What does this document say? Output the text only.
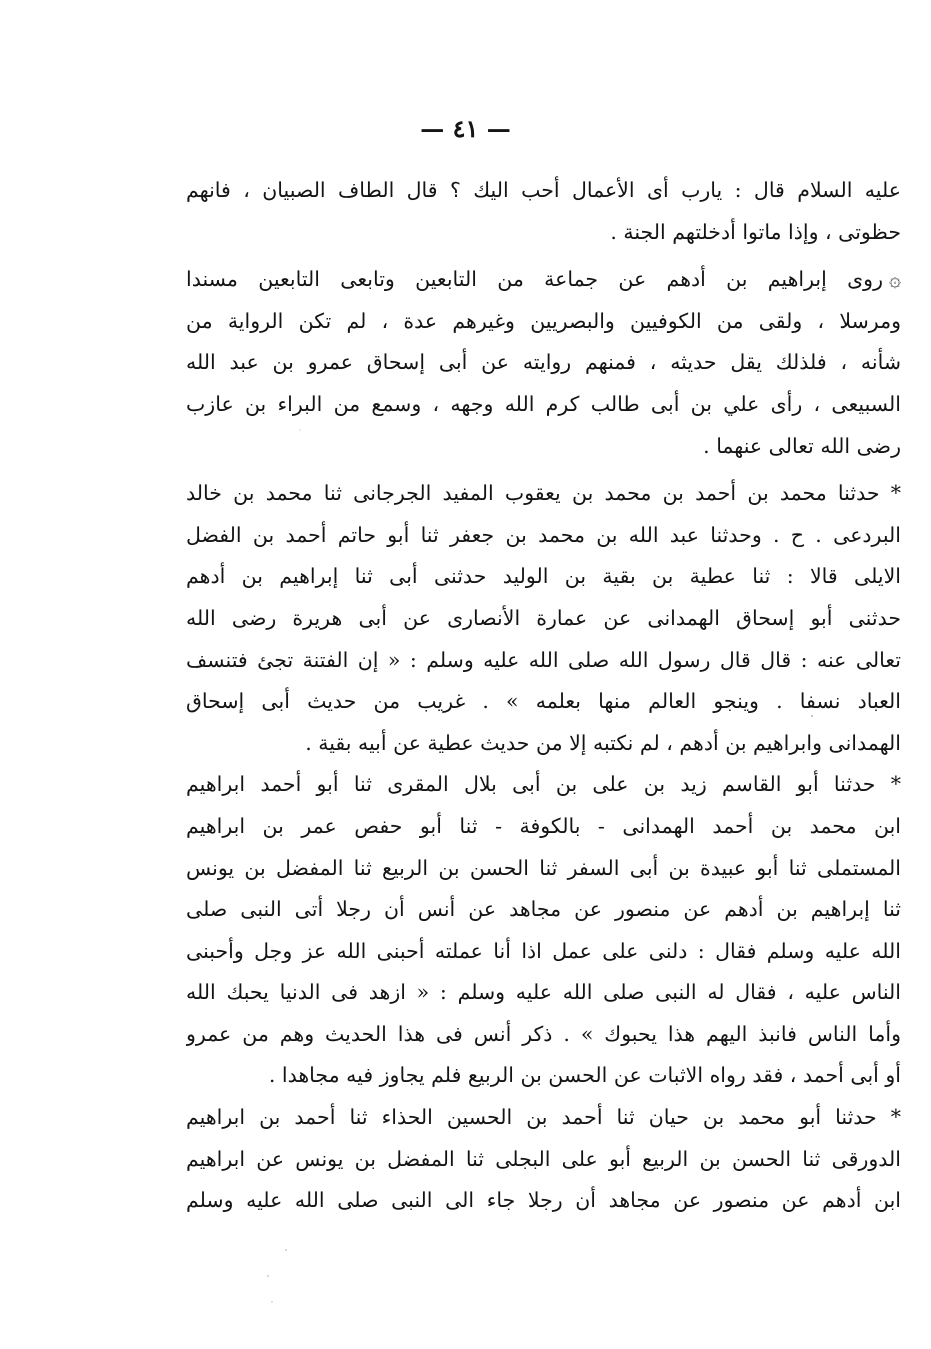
— ٤١ —
عليه السلام قال : يارب أى الأعمال أحب اليك ؟ قال الطاف الصبيان ، فانهم
حظوتى ، وإذا ماتوا أدخلتهم الجنة .
۞روى إبراهيم بن أدهم عن جماعة من التابعين وتابعى التابعين مسندا
ومرسلا ، ولقى من الكوفيين والبصريين وغيرهم عدة ، لم تكن الرواية من
شأنه ، فلذلك يقل حديثه ، فمنهم روايته عن أبى إسحاق عمرو بن عبد الله
السبيعى ، رأى علي بن أبى طالب كرم الله وجهه ، وسمع من البراء بن عازب
رضى الله تعالى عنهما .
* حدثنا محمد بن أحمد بن محمد بن يعقوب المفيد الجرجانى ثنا محمد بن خالد
البردعى . ح . وحدثنا عبد الله بن محمد بن جعفر ثنا أبو حاتم أحمد بن الفضل
الايلى قالا : ثنا عطية بن بقية بن الوليد حدثنى أبى ثنا إبراهيم بن أدهم
حدثنى أبو إسحاق الهمدانى عن عمارة الأنصارى عن أبى هريرة رضى الله
تعالى عنه : قال قال رسول الله صلى الله عليه وسلم : « إن الفتنة تجئ فتنسف
العباد نسفا . وينجو العالم منها بعلمه » . غريب من حديث أبى إسحاق
الهمدانى وابراهيم بن أدهم ، لم نكتبه إلا من حديث عطية عن أبيه بقية .
* حدثنا أبو القاسم زيد بن على بن أبى بلال المقرى ثنا أبو أحمد ابراهيم
ابن محمد بن أحمد الهمدانى - بالكوفة - ثنا أبو حفص عمر بن ابراهيم
المستملى ثنا أبو عبيدة بن أبى السفر ثنا الحسن بن الربيع ثنا المفضل بن يونس
ثنا إبراهيم بن أدهم عن منصور عن مجاهد عن أنس أن رجلا أتى النبى صلى
الله عليه وسلم فقال : دلنى على عمل اذا أنا عملته أحبنى الله عز وجل وأحبنى
الناس عليه ، فقال له النبى صلى الله عليه وسلم : « ازهد فى الدنيا يحبك الله
وأما الناس فانبذ اليهم هذا يحبوك » . ذكر أنس فى هذا الحديث وهم من عمرو
أو أبى أحمد ، فقد رواه الاثبات عن الحسن بن الربيع فلم يجاوز فيه مجاهدا .
* حدثنا أبو محمد بن حيان ثنا أحمد بن الحسين الحذاء ثنا أحمد بن ابراهيم
الدورقى ثنا الحسن بن الربيع أبو على البجلى ثنا المفضل بن يونس عن ابراهيم
ابن أدهم عن منصور عن مجاهد أن رجلا جاء الى النبى صلى الله عليه وسلم
